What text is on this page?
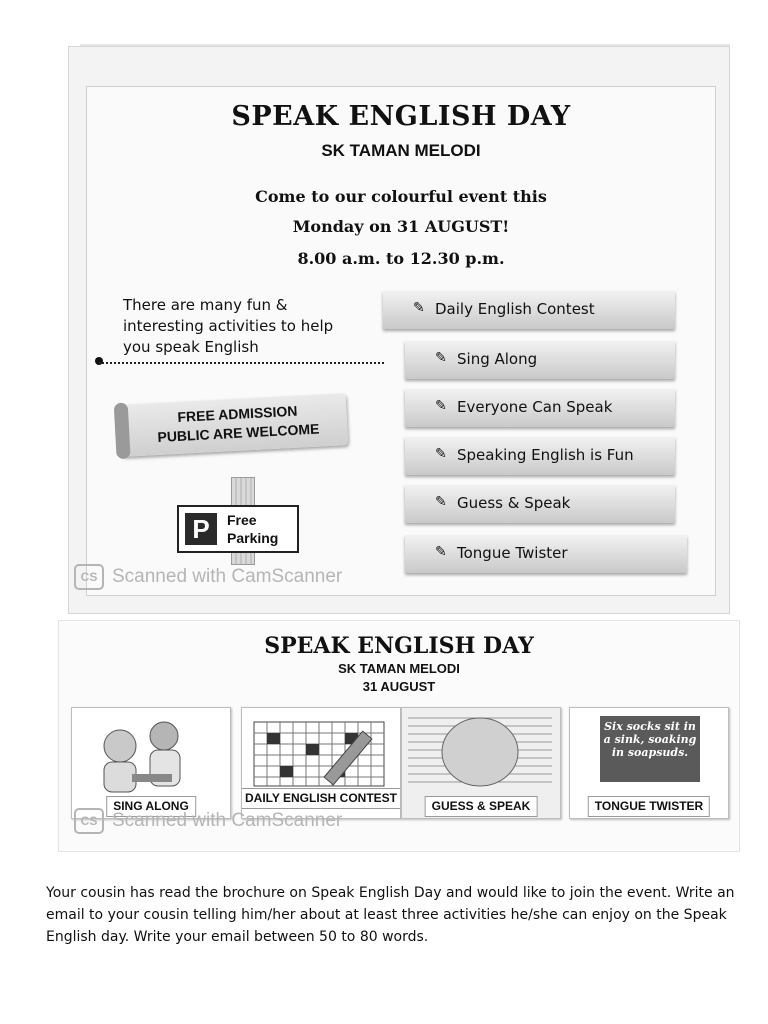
SPEAK ENGLISH DAY
SK TAMAN MELODI
Come to our colourful event this
Monday on 31 AUGUST!
8.00 a.m. to 12.30 p.m.
There are many fun & interesting activities to help you speak English
FREE ADMISSION
PUBLIC ARE WELCOME
P	Free
Parking
✎ Daily English Contest
✎ Sing Along
✎ Everyone Can Speak
✎ Speaking English is Fun
✎ Guess & Speak
✎ Tongue Twister
CS Scanned with CamScanner
SPEAK ENGLISH DAY
SK TAMAN MELODI
31 AUGUST
SING ALONG
DAILY ENGLISH CONTEST
GUESS & SPEAK
Six socks sit in a sink, soaking in soapsuds.
TONGUE TWISTER
CS Scanned with CamScanner
Your cousin has read the brochure on Speak English Day and would like to join the event. Write an email to your cousin telling him/her about at least three activities he/she can enjoy on the Speak English day. Write your email between 50 to 80 words.
